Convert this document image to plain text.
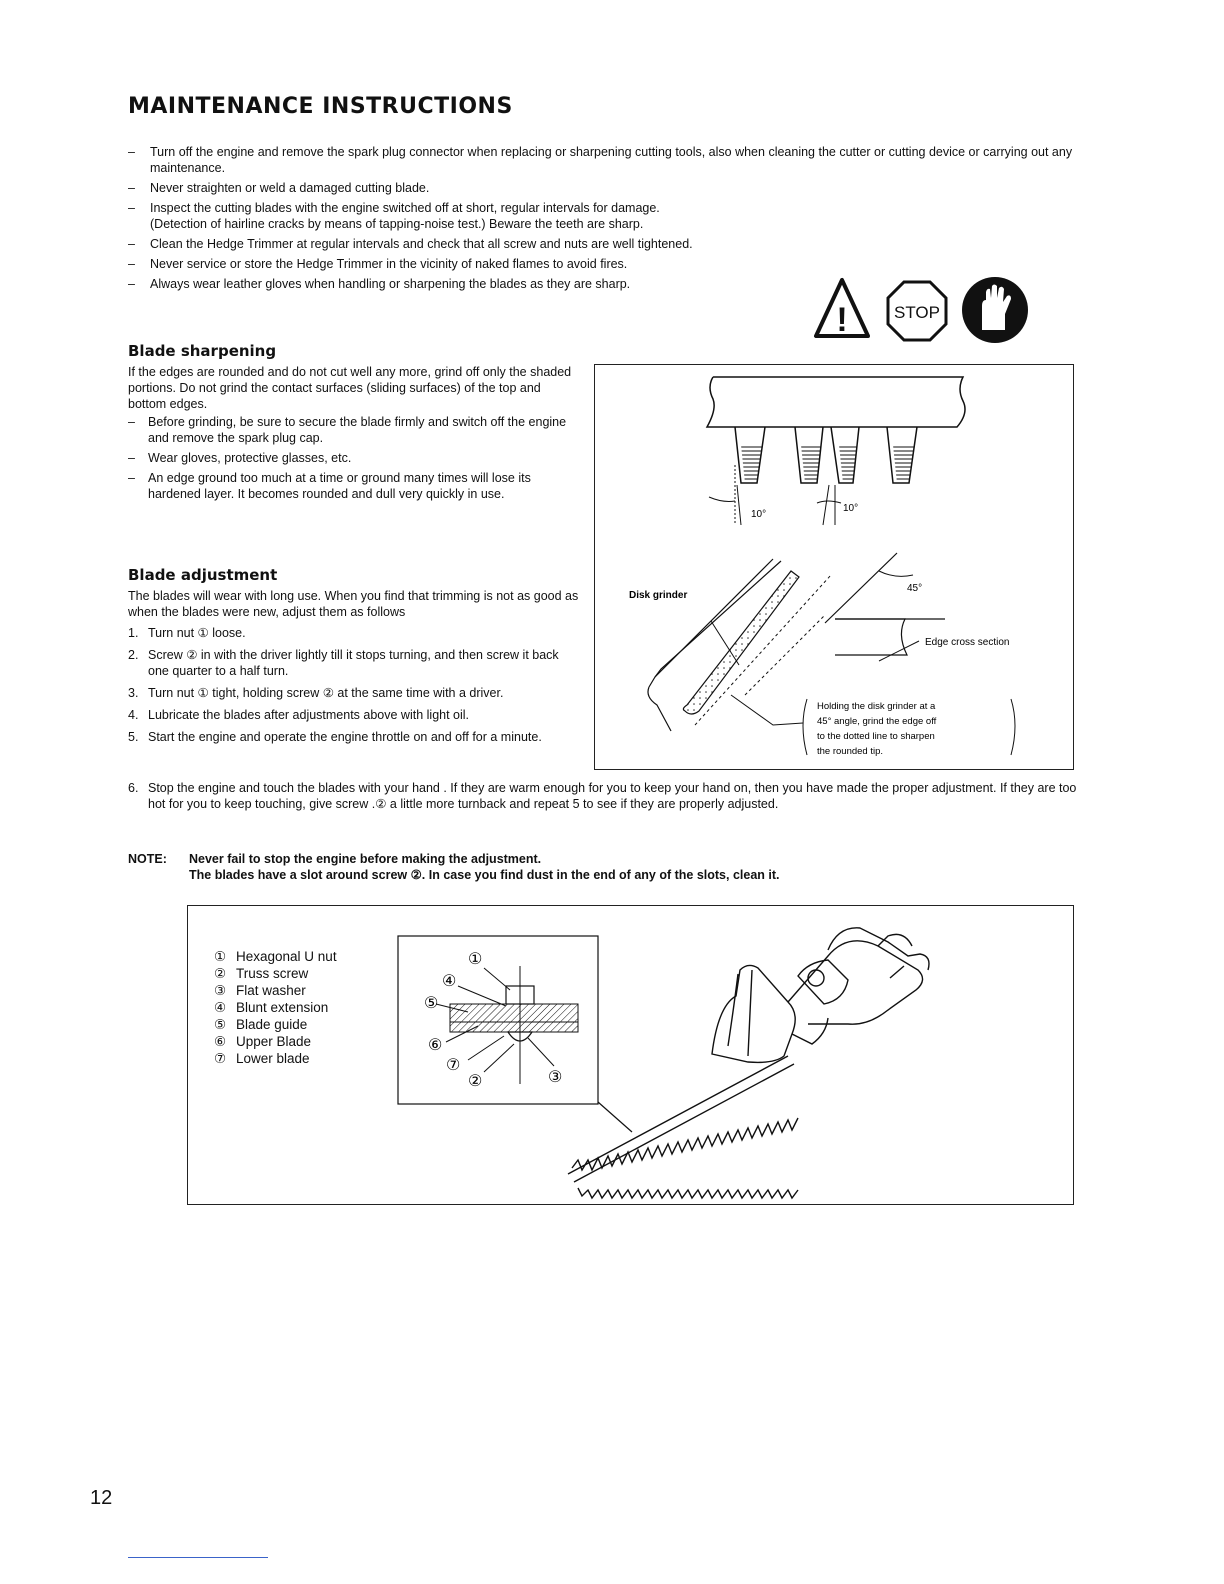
MAINTENANCE INSTRUCTIONS
– Turn off the engine and remove the spark plug connector when replacing or sharpening cutting tools, also when cleaning the cutter or cutting device or carrying out any maintenance.
– Never straighten or weld a damaged cutting blade.
– Inspect the cutting blades with the engine switched off at short, regular intervals for damage.
(Detection of hairline cracks by means of tapping-noise test.) Beware the teeth are sharp.
– Clean the Hedge Trimmer at regular intervals and check that all screw and nuts are well tightened.
– Never service or store the Hedge Trimmer in the vicinity of naked flames to avoid fires.
– Always wear leather gloves when handling or sharpening the blades as they are sharp.
!	STOP
Blade sharpening

If the edges are rounded and do not cut well any more, grind off only the shaded portions. Do not grind the contact surfaces (sliding surfaces) of the top and bottom edges.

– Before grinding, be sure to secure the blade firmly and switch off the engine and remove the spark plug cap.
– Wear gloves, protective glasses, etc.
– An edge ground too much at a time or ground many times will lose its hardened layer. It becomes rounded and dull very quickly in use.
10°
10°
Disk grinder
45°
Edge cross section
Holding the disk grinder at a
45° angle, grind the edge off
to the dotted line to sharpen
the rounded tip.
Blade adjustment

The blades will wear with long use. When you find that trimming is not as good as when the blades were new, adjust them as follows

1. Turn nut ① loose.
2. Screw ② in with the driver lightly till it stops turning, and then screw it back one quarter to a half turn.
3. Turn nut ① tight, holding screw ② at the same time with a driver.
4. Lubricate the blades after adjustments above with light oil.
5. Start the engine and operate the engine throttle on and off for a minute.
6. Stop the engine and touch the blades with your hand . If they are warm enough for you to keep your hand on, then you have made the proper adjustment. If they are too hot for you to keep touching, give screw .② a little more turnback and repeat 5 to see if they are properly adjusted.
NOTE: Never fail to stop the engine before making the adjustment.
The blades have a slot around screw ②. In case you find dust in the end of any of the slots, clean it.
① Hexagonal U nut
② Truss screw
③ Flat washer
④ Blunt extension
⑤ Blade guide
⑥ Upper Blade
⑦ Lower blade
①
④
⑤
⑥
⑦
②	③
12
